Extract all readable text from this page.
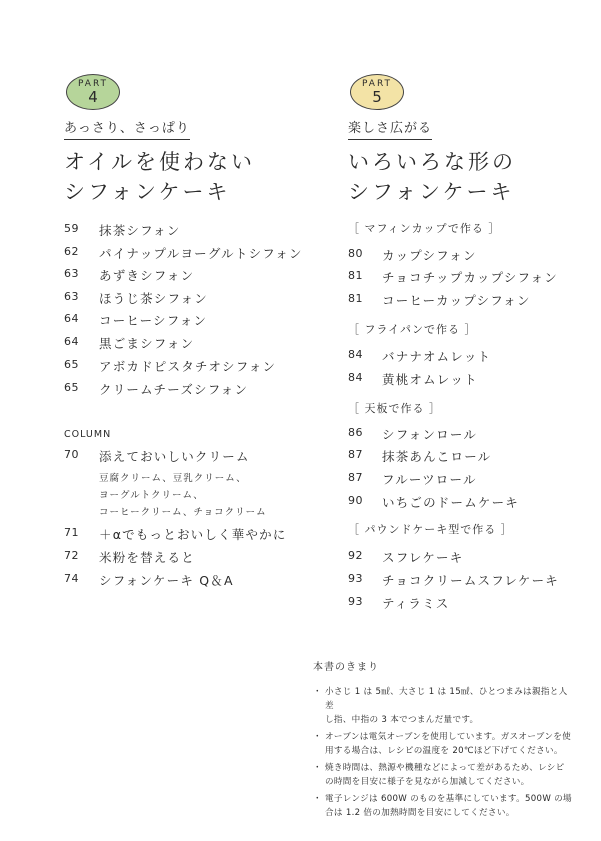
PART
4
あっさり、さっぱり
オイルを使わない
シフォンケーキ
59	抹茶シフォン
62	パイナップルヨーグルトシフォン
63	あずきシフォン
63	ほうじ茶シフォン
64	コーヒーシフォン
64	黒ごまシフォン
65	アボカドピスタチオシフォン
65	クリームチーズシフォン
COLUMN
70	添えておいしいクリーム
豆腐クリーム、豆乳クリーム、
ヨーグルトクリーム、
コーヒークリーム、チョコクリーム
71	＋αでもっとおいしく華やかに
72	米粉を替えると
74	シフォンケーキ Q＆A
PART
5
楽しさ広がる
いろいろな形の
シフォンケーキ
［ マフィンカップで作る ］
80	カップシフォン
81	チョコチップカップシフォン
81	コーヒーカップシフォン
［ フライパンで作る ］
84	バナナオムレット
84	黄桃オムレット
［ 天板で作る ］
86	シフォンロール
87	抹茶あんこロール
87	フルーツロール
90	いちごのドームケーキ
［ パウンドケーキ型で作る ］
92	スフレケーキ
93	チョコクリームスフレケーキ
93	ティラミス
本書のきまり
・ 小さじ 1 は 5㎖、大さじ 1 は 15㎖、ひとつまみは親指と人差
し指、中指の 3 本でつまんだ量です。
・ オーブンは電気オーブンを使用しています。ガスオーブンを使
用する場合は、レシピの温度を 20℃ほど下げてください。
・ 焼き時間は、熱源や機種などによって差があるため、レシピ
の時間を目安に様子を見ながら加減してください。
・ 電子レンジは 600W のものを基準にしています。500W の場
合は 1.2 倍の加熱時間を目安にしてください。
